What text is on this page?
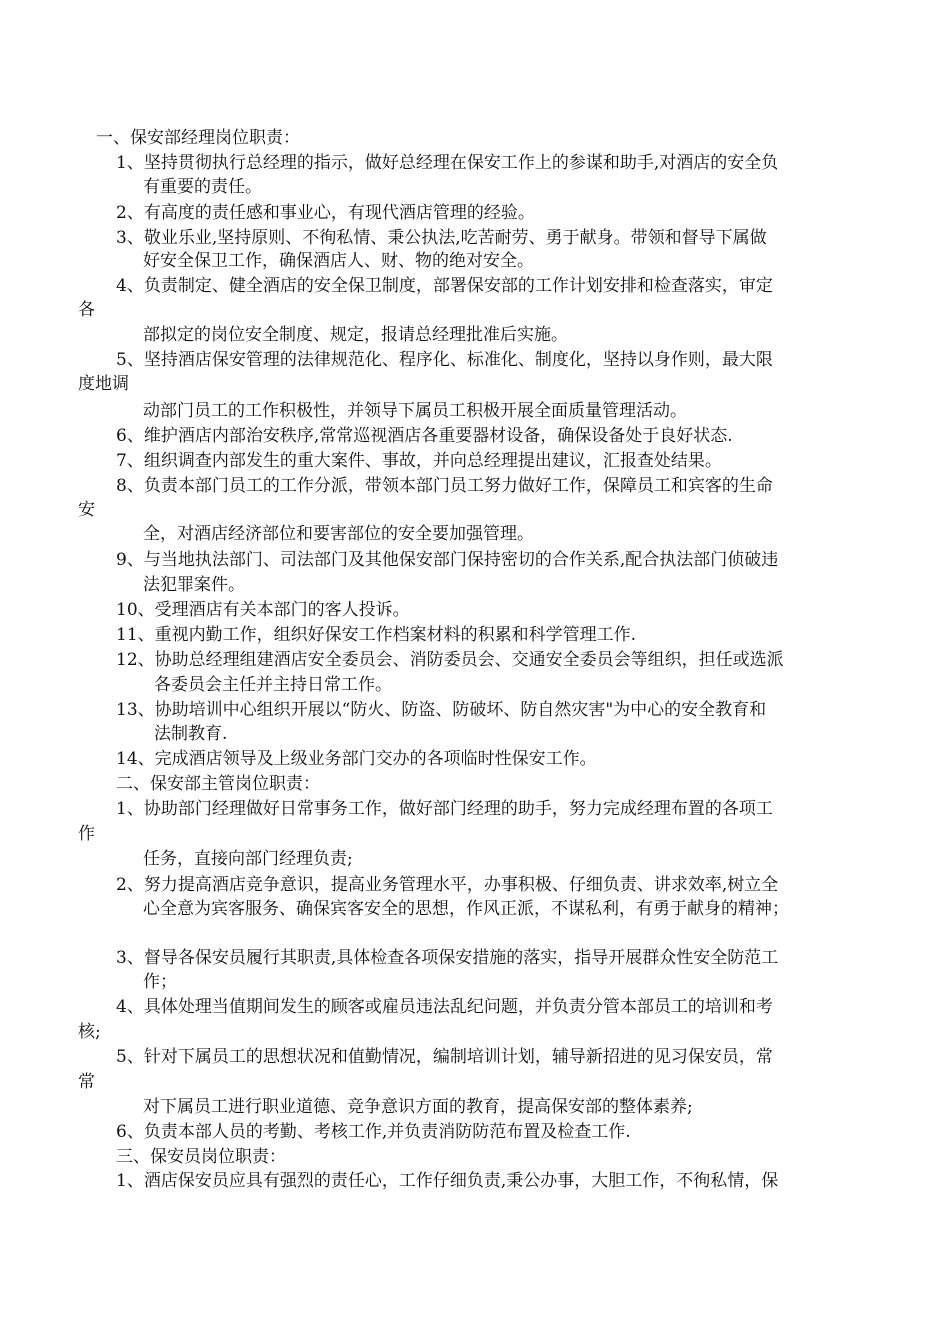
一、保安部经理岗位职责：
1、坚持贯彻执行总经理的指示，做好总经理在保安工作上的参谋和助手,对酒店的安全负
有重要的责任。
2、有高度的责任感和事业心，有现代酒店管理的经验。
3、敬业乐业,坚持原则、不徇私情、秉公执法,吃苦耐劳、勇于献身。带领和督导下属做
好安全保卫工作，确保酒店人、财、物的绝对安全。
4、负责制定、健全酒店的安全保卫制度，部署保安部的工作计划安排和检查落实，审定
各
部拟定的岗位安全制度、规定，报请总经理批准后实施。
5、坚持酒店保安管理的法律规范化、程序化、标准化、制度化，坚持以身作则，最大限
度地调
动部门员工的工作积极性，并领导下属员工积极开展全面质量管理活动。
6、维护酒店内部治安秩序,常常巡视酒店各重要器材设备，确保设备处于良好状态.
7、组织调查内部发生的重大案件、事故，并向总经理提出建议，汇报查处结果。
8、负责本部门员工的工作分派，带领本部门员工努力做好工作，保障员工和宾客的生命
安
全，对酒店经济部位和要害部位的安全要加强管理。
9、与当地执法部门、司法部门及其他保安部门保持密切的合作关系,配合执法部门侦破违
法犯罪案件。
10、受理酒店有关本部门的客人投诉。
11、重视内勤工作，组织好保安工作档案材料的积累和科学管理工作.
12、协助总经理组建酒店安全委员会、消防委员会、交通安全委员会等组织，担任或选派
各委员会主任并主持日常工作。
13、协助培训中心组织开展以“防火、防盗、防破坏、防自然灾害"为中心的安全教育和
法制教育.
14、完成酒店领导及上级业务部门交办的各项临时性保安工作。
二、保安部主管岗位职责：
1、协助部门经理做好日常事务工作，做好部门经理的助手，努力完成经理布置的各项工
作
任务，直接向部门经理负责;
2、努力提高酒店竞争意识，提高业务管理水平，办事积极、仔细负责、讲求效率,树立全
心全意为宾客服务、确保宾客安全的思想，作风正派，不谋私利，有勇于献身的精神；
3、督导各保安员履行其职责,具体检查各项保安措施的落实，指导开展群众性安全防范工
作；
4、具体处理当值期间发生的顾客或雇员违法乱纪问题，并负责分管本部员工的培训和考
核;
5、针对下属员工的思想状况和值勤情况，编制培训计划，辅导新招进的见习保安员，常
常
对下属员工进行职业道德、竞争意识方面的教育，提高保安部的整体素养;
6、负责本部人员的考勤、考核工作,并负责消防防范布置及检查工作.
三、保安员岗位职责：
1、酒店保安员应具有强烈的责任心，工作仔细负责,秉公办事，大胆工作，不徇私情，保
